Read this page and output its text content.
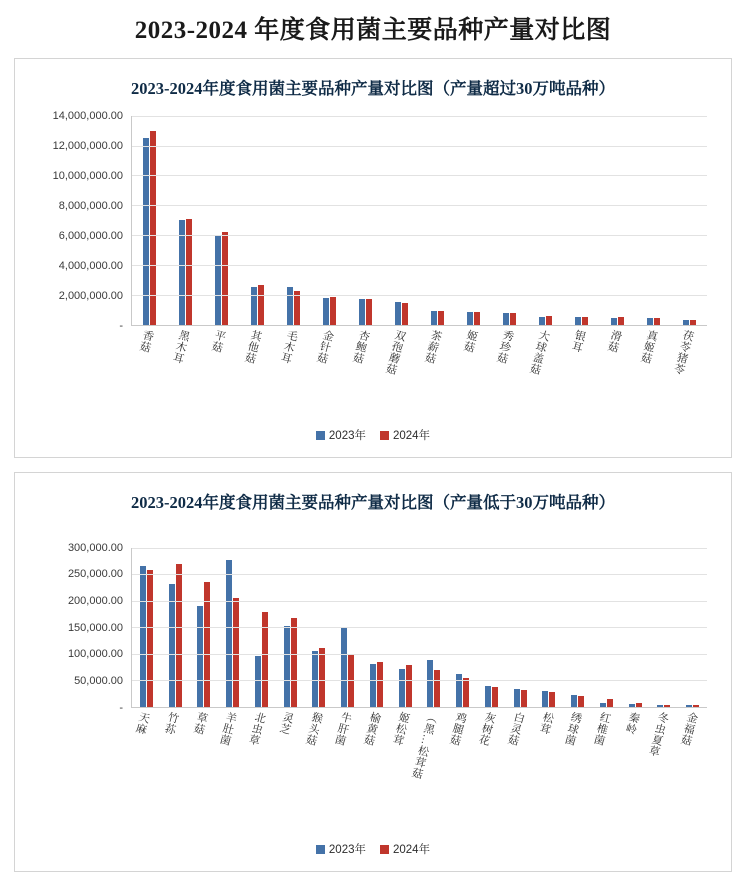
2023-2024 年度食用菌主要品种产量对比图
2023-2024年度食用菌主要品种产量对比图（产量超过30万吨品种）
14,000,000.00
12,000,000.00
10,000,000.00
8,000,000.00
6,000,000.00
4,000,000.00
2,000,000.00
-
香菇 黑木耳 平菇 其他菇 毛木耳 金针菇 杏鲍菇 双孢蘑菇 茶薪菇 姬菇 秀珍菇 大球盖菇 银耳 滑菇 真姬菇 茯苓猪苓
2023年 2024年
2023-2024年度食用菌主要品种产量对比图（产量低于30万吨品种）
300,000.00
250,000.00
200,000.00
150,000.00
100,000.00
50,000.00
-
天麻 竹荪 草菇 羊肚菌 北虫草 灵芝 猴头菇 牛肝菌 榆黄菇 姬松茸 （黑…松茸菇 鸡腿菇 灰树花 白灵菇 松茸 绣球菌 红椎菌 秦岭 冬虫夏草 金福菇
2023年 2024年
